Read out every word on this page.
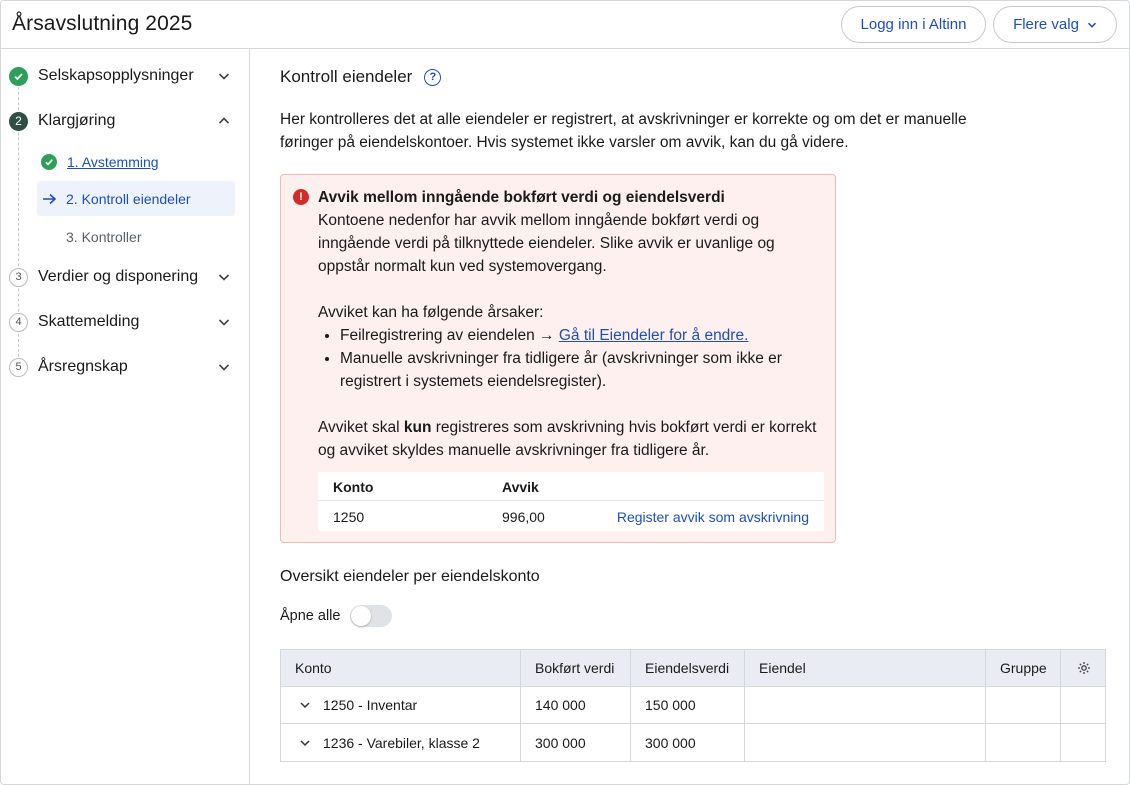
Årsavslutning 2025	Logg inn i Altinn	Flere valg
Selskapsopplysninger
2	Klargjøring
1. Avstemming
2. Kontroll eiendeler
3. Kontroller
3	Verdier og disponering
4	Skattemelding
5	Årsregnskap
Kontroll eiendeler	?
Her kontrolleres det at alle eiendeler er registrert, at avskrivninger er korrekte og om det er manuelle føringer på eiendelskontoer. Hvis systemet ikke varsler om avvik, kan du gå videre.
! Avvik mellom inngående bokført verdi og eiendelsverdi

Kontoene nedenfor har avvik mellom inngående bokført verdi og inngående verdi på tilknyttede eiendeler. Slike avvik er uvanlige og oppstår normalt kun ved systemovergang.

Avviket kan ha følgende årsaker:

• Feilregistrering av eiendelen → Gå til Eiendeler for å endre.
• Manuelle avskrivninger fra tidligere år (avskrivninger som ikke er registrert i systemets eiendelsregister).

Avviket skal kun registreres som avskrivning hvis bokført verdi er korrekt og avviket skyldes manuelle avskrivninger fra tidligere år.

Konto	Avvik
1250	996,00	Register avvik som avskrivning
Oversikt eiendeler per eiendelskonto
Åpne alle
Konto	Bokført verdi	Eiendelsverdi	Eiendel	Gruppe
1250 - Inventar	140 000	150 000
1236 - Varebiler, klasse 2	300 000	300 000
